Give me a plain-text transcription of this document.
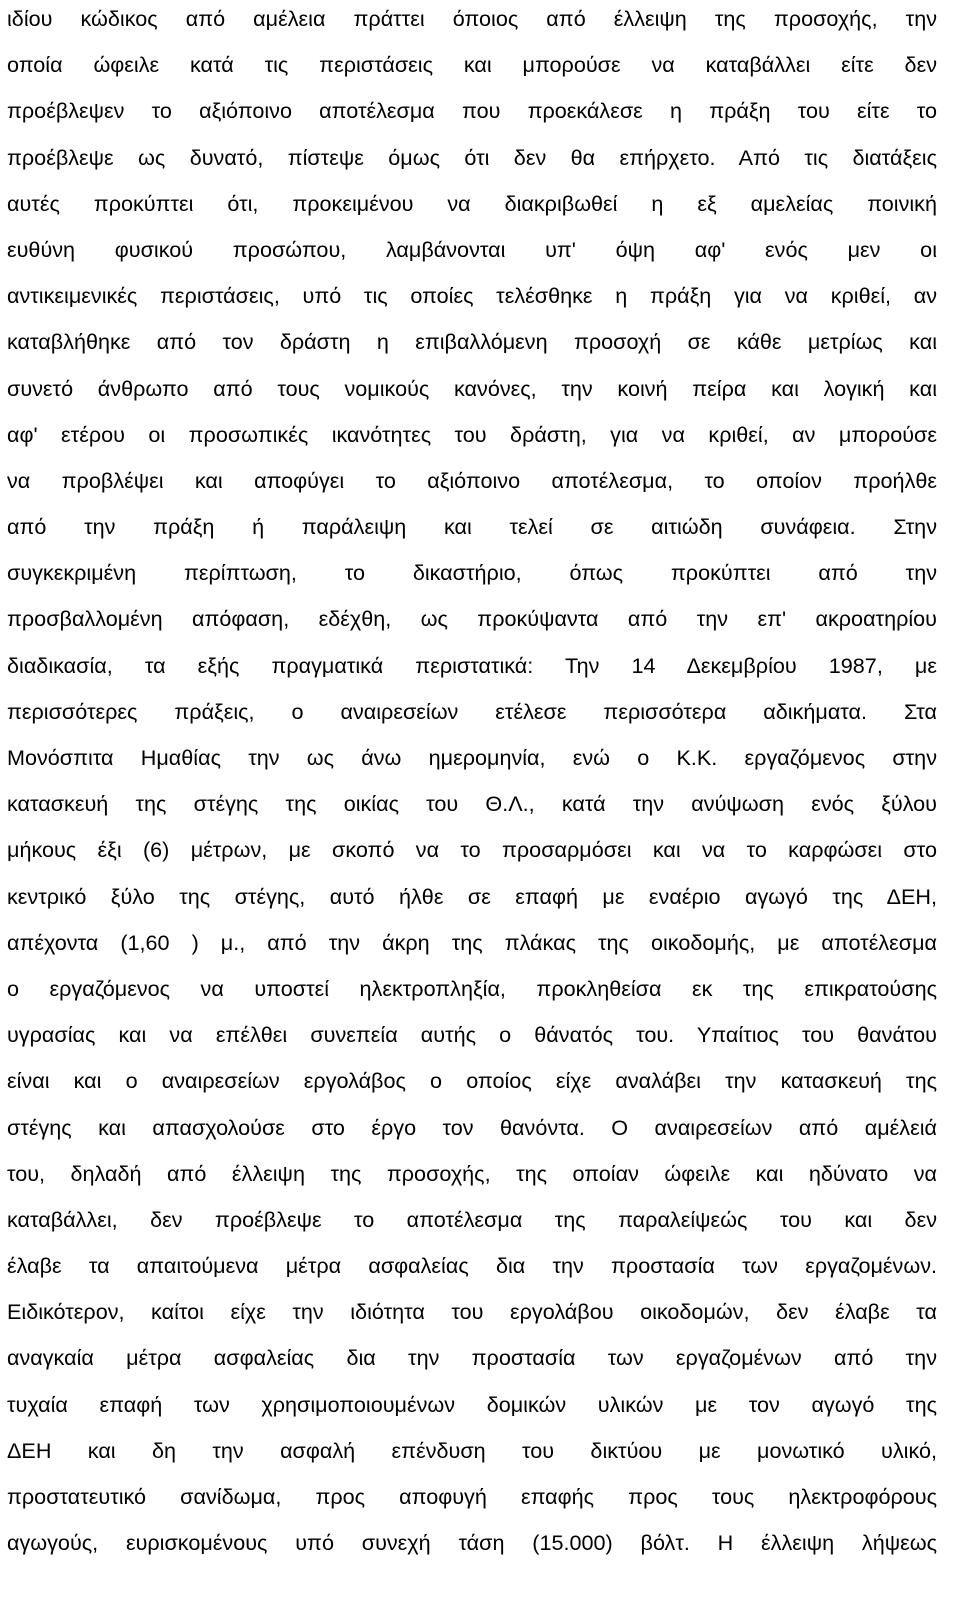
ιδίου κώδικος από αμέλεια πράττει όποιος από έλλειψη της προσοχής, την
οποία ώφειλε κατά τις περιστάσεις και μπορούσε να καταβάλλει είτε δεν
προέβλεψεν το αξιόποινο αποτέλεσμα που προεκάλεσε η πράξη του είτε το
προέβλεψε ως δυνατό, πίστεψε όμως ότι δεν θα επήρχετο. Από τις διατάξεις
αυτές προκύπτει ότι, προκειμένου να διακριβωθεί η εξ αμελείας ποινική
ευθύνη φυσικού προσώπου, λαμβάνονται υπ' όψη αφ' ενός μεν οι
αντικειμενικές περιστάσεις, υπό τις οποίες τελέσθηκε η πράξη για να κριθεί, αν
καταβλήθηκε από τον δράστη η επιβαλλόμενη προσοχή σε κάθε μετρίως και
συνετό άνθρωπο από τους νομικούς κανόνες, την κοινή πείρα και λογική και
αφ' ετέρου οι προσωπικές ικανότητες του δράστη, για να κριθεί, αν μπορούσε
να προβλέψει και αποφύγει το αξιόποινο αποτέλεσμα, το οποίον προήλθε
από την πράξη ή παράλειψη και τελεί σε αιτιώδη συνάφεια. Στην
συγκεκριμένη περίπτωση, το δικαστήριο, όπως προκύπτει από την
προσβαλλομένη απόφαση, εδέχθη, ως προκύψαντα από την επ' ακροατηρίου
διαδικασία, τα εξής πραγματικά περιστατικά: Την 14 Δεκεμβρίου 1987, με
περισσότερες πράξεις, ο αναιρεσείων ετέλεσε περισσότερα αδικήματα. Στα
Μονόσπιτα Ημαθίας την ως άνω ημερομηνία, ενώ ο Κ.Κ. εργαζόμενος στην
κατασκευή της στέγης της οικίας του Θ.Λ., κατά την ανύψωση ενός ξύλου
μήκους έξι (6) μέτρων, με σκοπό να το προσαρμόσει και να το καρφώσει στο
κεντρικό ξύλο της στέγης, αυτό ήλθε σε επαφή με εναέριο αγωγό της ΔΕΗ,
απέχοντα (1,60 ) μ., από την άκρη της πλάκας της οικοδομής, με αποτέλεσμα
ο εργαζόμενος να υποστεί ηλεκτροπληξία, προκληθείσα εκ της επικρατούσης
υγρασίας και να επέλθει συνεπεία αυτής ο θάνατός του. Υπαίτιος του θανάτου
είναι και ο αναιρεσείων εργολάβος ο οποίος είχε αναλάβει την κατασκευή της
στέγης και απασχολούσε στο έργο τον θανόντα. Ο αναιρεσείων από αμέλειά
του, δηλαδή από έλλειψη της προσοχής, της οποίαν ώφειλε και ηδύνατο να
καταβάλλει, δεν προέβλεψε το αποτέλεσμα της παραλείψεώς του και δεν
έλαβε τα απαιτούμενα μέτρα ασφαλείας δια την προστασία των εργαζομένων.
Ειδικότερον, καίτοι είχε την ιδιότητα του εργολάβου οικοδομών, δεν έλαβε τα
αναγκαία μέτρα ασφαλείας δια την προστασία των εργαζομένων από την
τυχαία επαφή των χρησιμοποιουμένων δομικών υλικών με τον αγωγό της
ΔΕΗ και δη την ασφαλή επένδυση του δικτύου με μονωτικό υλικό,
προστατευτικό σανίδωμα, προς αποφυγή επαφής προς τους ηλεκτροφόρους
αγωγούς, ευρισκομένους υπό συνεχή τάση (15.000) βόλτ. Η έλλειψη λήψεως
